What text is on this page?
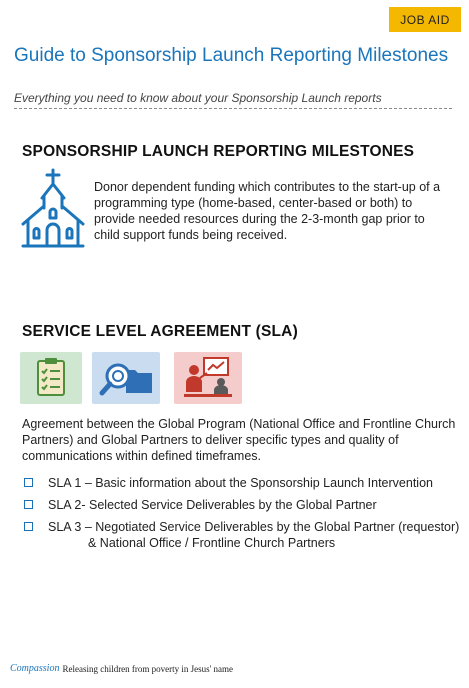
JOB AID
Guide to Sponsorship Launch Reporting Milestones
Everything you need to know about your Sponsorship Launch reports
SPONSORSHIP LAUNCH REPORTING MILESTONES
Donor dependent funding which contributes to the start-up of a programming type (home-based, center-based or both) to provide needed resources during the 2-3-month gap prior to child support funds being received.
SERVICE LEVEL AGREEMENT (SLA)
Agreement between the Global Program (National Office and Frontline Church Partners) and Global Partners to deliver specific types and quality of communications within defined timeframes.
SLA 1 – Basic information about the Sponsorship Launch Intervention
SLA 2- Selected Service Deliverables by the Global Partner
SLA 3 – Negotiated Service Deliverables by the Global Partner (requestor)
& National Office / Frontline Church Partners
Compassion Releasing children from poverty in Jesus' name
